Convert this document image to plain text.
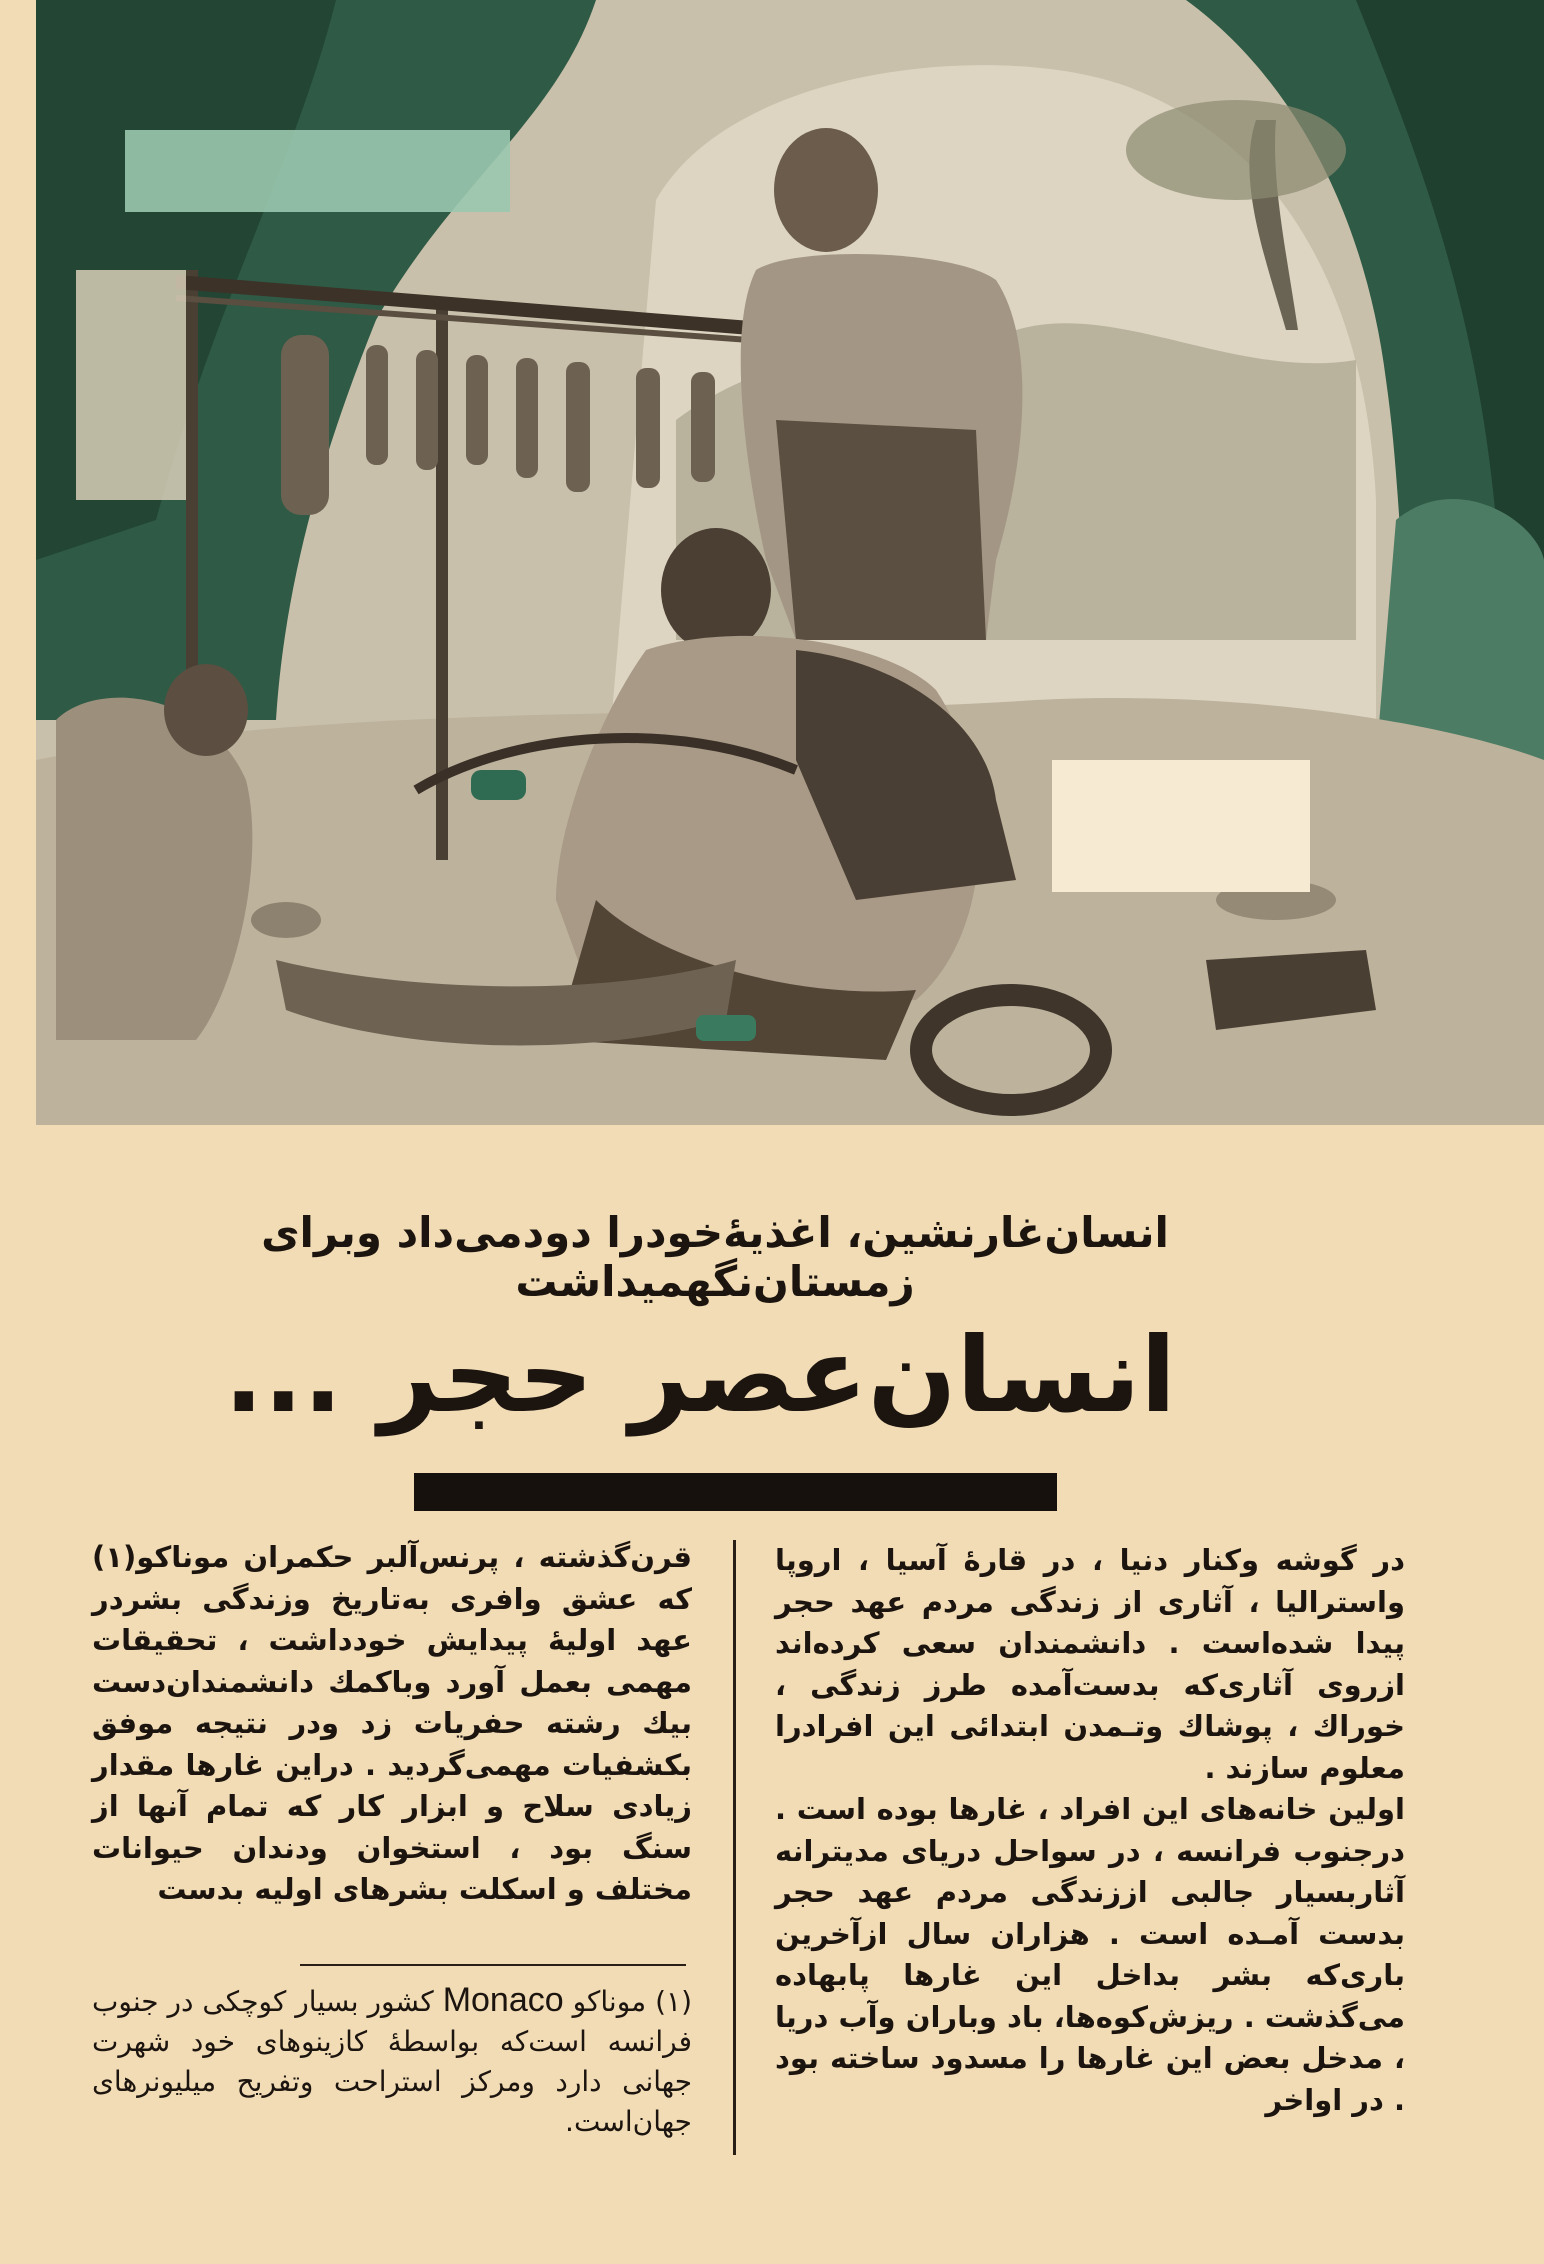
انسان‌غارنشین، اغذیهٔ‌خودرا دودمی‌داد وبرای زمستان‌نگهمیداشت
انسان‌عصر حجر ...

در گوشه وکنار دنیا ، در قارهٔ آسیا ، اروپا واسترالیا ، آثاری از زندگی مردم عهد حجر پیدا شده‌است . دانشمندان سعی کرده‌اند ازروی آثاری‌که بدست‌آمده طرز زندگی ، خوراك ، پوشاك وتـمدن ابتدائی این افرادرا معلوم سازند .

اولین خانه‌های این افراد ، غارها بوده است . درجنوب فرانسه ، در سواحل دریای مدیترانه آثاربسیار جالبی اززندگی مردم عهد حجر بدست آمـده است . هزاران سال ازآخرین باری‌که بشر بداخل این غارها پابهاده می‌گذشت . ریزش‌کوه‌ها، باد وباران وآب دریا ، مدخل بعض این غارها را مسدود ساخته بود . در اواخر

قرن‌گذشته ، پرنس‌آلبر حکمران موناکو(۱) که عشق وافری به‌تاریخ وزندگی بشردر عهد اولیهٔ پیدایش خودداشت ، تحقیقات مهمی بعمل آورد وباکمك دانشمندان‌دست بیك رشته حفریات زد ودر نتیجه موفق بکشفیات مهمی‌گردید . دراین غارها مقدار زیادی سلاح و ابزار کار که تمام آنها از سنگ بود ، استخوان ودندان حیوانات مختلف و اسکلت بشرهای اولیه بدست

(۱) موناکو Monaco کشور بسیار کوچکی در جنوب فرانسه است‌که بواسطهٔ کازینوهای خود شهرت جهانی دارد ومرکز استراحت وتفریح میلیونرهای جهان‌است.
